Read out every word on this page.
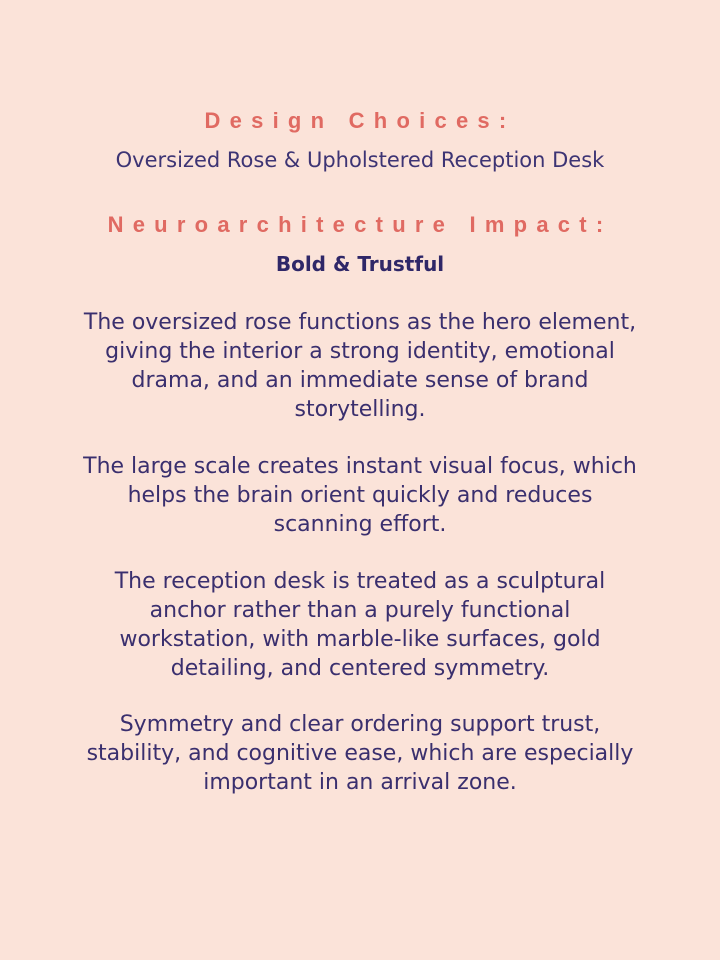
Design Choices:
Oversized Rose & Upholstered Reception Desk
Neuroarchitecture Impact:
Bold & Trustful
The oversized rose functions as the hero element, giving the interior a strong identity, emotional drama, and an immediate sense of brand storytelling.
The large scale creates instant visual focus, which helps the brain orient quickly and reduces scanning effort.
The reception desk is treated as a sculptural anchor rather than a purely functional workstation, with marble-like surfaces, gold detailing, and centered symmetry.
Symmetry and clear ordering support trust, stability, and cognitive ease, which are especially important in an arrival zone.
